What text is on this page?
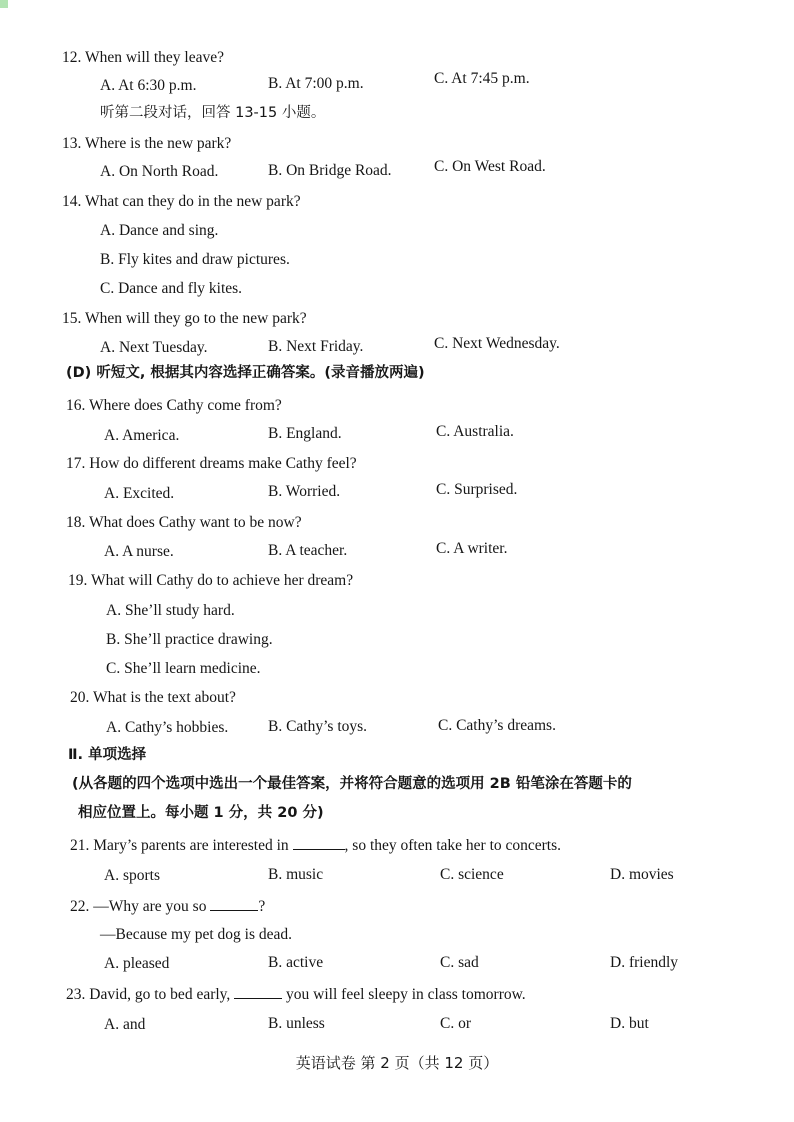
12. When will they leave?
A. At 6:30 p.m.	B. At 7:00 p.m.	C. At 7:45 p.m.
听第二段对话，回答 13-15 小题。
13. Where is the new park?
A. On North Road.	B. On Bridge Road.	C. On West Road.
14. What can they do in the new park?
A. Dance and sing.
B. Fly kites and draw pictures.
C. Dance and fly kites.
15. When will they go to the new park?
A. Next Tuesday.	B. Next Friday.	C. Next Wednesday.
(D) 听短文, 根据其内容选择正确答案。(录音播放两遍)
16. Where does Cathy come from?
A. America.	B. England.	C. Australia.
17. How do different dreams make Cathy feel?
A. Excited.	B. Worried.	C. Surprised.
18. What does Cathy want to be now?
A. A nurse.	B. A teacher.	C. A writer.
19. What will Cathy do to achieve her dream?
A. She’ll study hard.
B. She’ll practice drawing.
C. She’ll learn medicine.
20. What is the text about?
A. Cathy’s hobbies.	B. Cathy’s toys.	C. Cathy’s dreams.
Ⅱ. 单项选择
(从各题的四个选项中选出一个最佳答案，并将符合题意的选项用 2B 铅笔涂在答题卡的
相应位置上。每小题 1 分，共 20 分)
21. Mary’s parents are interested in	, so they often take her to concerts.
A. sports	B. music	C. science	D. movies
22. —Why are you so	?
—Because my pet dog is dead.
A. pleased	B. active	C. sad	D. friendly
23. David, go to bed early,	you will feel sleepy in class tomorrow.
A. and	B. unless	C. or	D. but
英语试卷 第 2 页（共 12 页）
